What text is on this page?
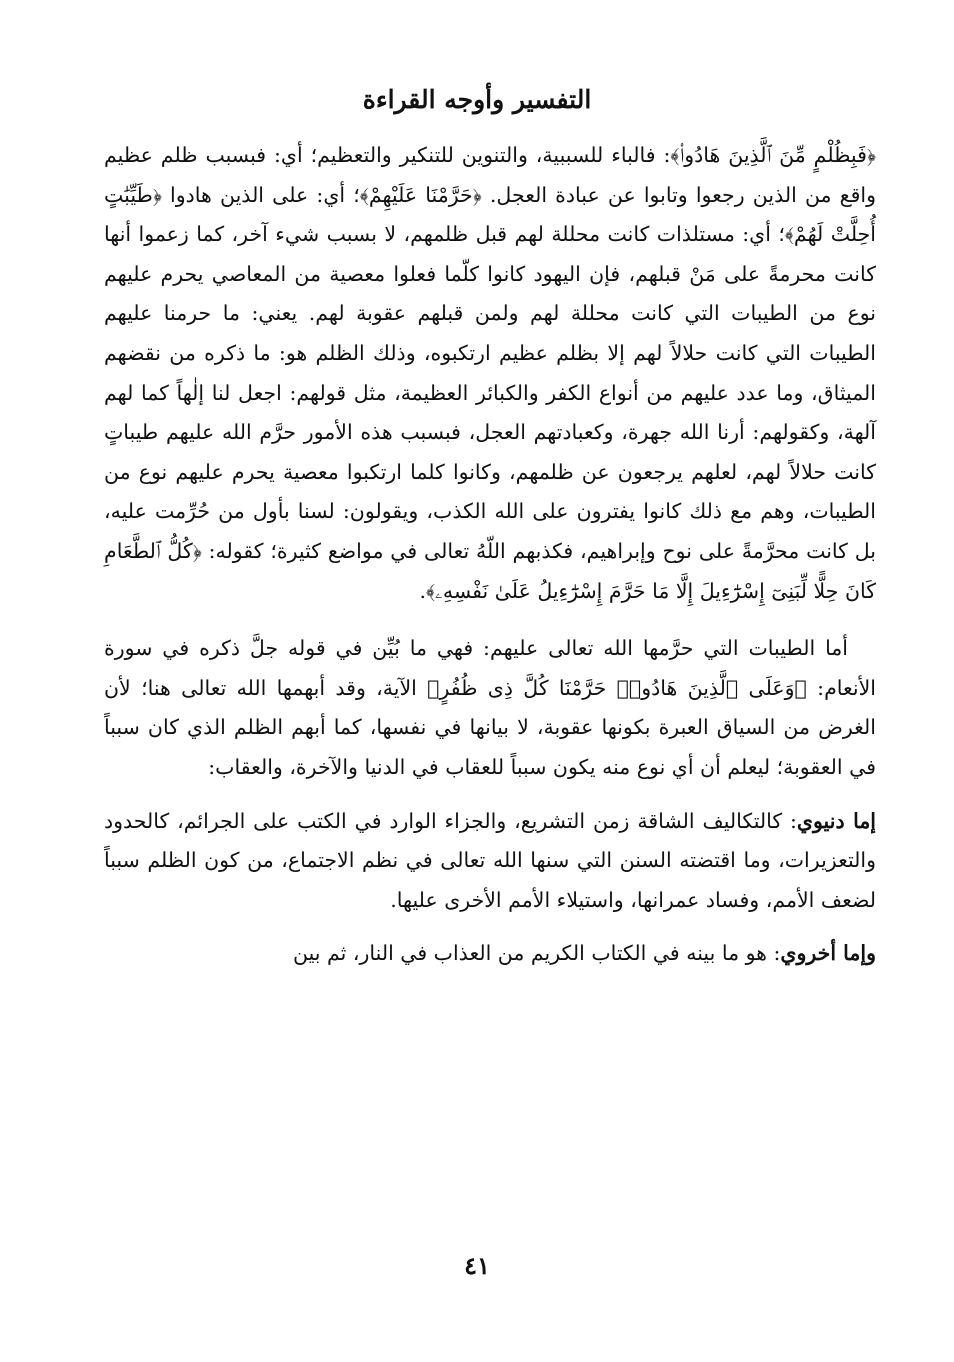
التفسير وأوجه القراءة

﴿فَبِظُلْمٍ مِّنَ ٱلَّذِينَ هَادُوا۟﴾: فالباء للسببية، والتنوين للتنكير والتعظيم؛ أي: فبسبب ظلم عظيم واقع من الذين رجعوا وتابوا عن عبادة العجل. ﴿حَرَّمْنَا عَلَيْهِمْ﴾؛ أي: على الذين هادوا ﴿طَيِّبَٰتٍ أُحِلَّتْ لَهُمْ﴾؛ أي: مستلذات كانت محللة لهم قبل ظلمهم، لا بسبب شيء آخر، كما زعموا أنها كانت محرمةً على مَنْ قبلهم، فإن اليهود كانوا كلّما فعلوا معصية من المعاصي يحرم عليهم نوع من الطيبات التي كانت محللة لهم ولمن قبلهم عقوبة لهم. يعني: ما حرمنا عليهم الطيبات التي كانت حلالاً لهم إلا بظلم عظيم ارتكبوه، وذلك الظلم هو: ما ذكره من نقضهم الميثاق، وما عدد عليهم من أنواع الكفر والكبائر العظيمة، مثل قولهم: اجعل لنا إلٰهاً كما لهم آلهة، وكقولهم: أرنا الله جهرة، وكعبادتهم العجل، فبسبب هذه الأمور حرَّم الله عليهم طيباتٍ كانت حلالاً لهم، لعلهم يرجعون عن ظلمهم، وكانوا كلما ارتكبوا معصية يحرم عليهم نوع من الطيبات، وهم مع ذلك كانوا يفترون على الله الكذب، ويقولون: لسنا بأول من حُرِّمت عليه، بل كانت محرَّمةً على نوح وإبراهيم، فكذبهم اللّهُ تعالى في مواضع كثيرة؛ كقوله: ﴿كُلُّ ٱلطَّعَامِ كَانَ حِلًّا لِّبَنِىٓ إِسْرَٰٓءِيلَ إِلَّا مَا حَرَّمَ إِسْرَٰٓءِيلُ عَلَىٰ نَفْسِهِۦ﴾.

أما الطيبات التي حرَّمها الله تعالى عليهم: فهي ما بُيِّن في قوله جلَّ ذكره في سورة الأنعام: ﴿وَعَلَى ٱلَّذِينَ هَادُوا۟ حَرَّمْنَا كُلَّ ذِى ظُفُرٍ﴾ الآية، وقد أبهمها الله تعالى هنا؛ لأن الغرض من السياق العبرة بكونها عقوبة، لا بيانها في نفسها، كما أبهم الظلم الذي كان سبباً في العقوبة؛ ليعلم أن أي نوع منه يكون سبباً للعقاب في الدنيا والآخرة، والعقاب:

إما دنيوي: كالتكاليف الشاقة زمن التشريع، والجزاء الوارد في الكتب على الجرائم، كالحدود والتعزيرات، وما اقتضته السنن التي سنها الله تعالى في نظم الاجتماع، من كون الظلم سبباً لضعف الأمم، وفساد عمرانها، واستيلاء الأمم الأخرى عليها.

وإما أخروي: هو ما بينه في الكتاب الكريم من العذاب في النار، ثم بين

٤١
